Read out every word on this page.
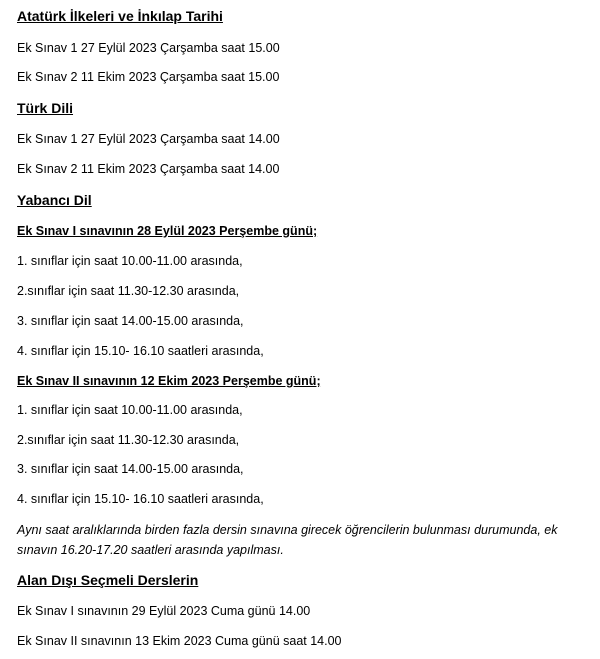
Atatürk İlkeleri ve İnkılap Tarihi
Ek Sınav 1 27 Eylül 2023 Çarşamba saat 15.00
Ek Sınav 2 11 Ekim 2023 Çarşamba saat 15.00
Türk Dili
Ek Sınav 1 27 Eylül 2023 Çarşamba saat 14.00
Ek Sınav 2 11 Ekim 2023 Çarşamba saat 14.00
Yabancı Dil
Ek Sınav I sınavının 28 Eylül 2023 Perşembe günü;
1. sınıflar için saat 10.00-11.00 arasında,
2.sınıflar için saat 11.30-12.30 arasında,
3. sınıflar için saat 14.00-15.00 arasında,
4. sınıflar için 15.10- 16.10 saatleri arasında,
Ek Sınav II sınavının 12 Ekim 2023 Perşembe günü;
1. sınıflar için saat 10.00-11.00 arasında,
2.sınıflar için saat 11.30-12.30 arasında,
3. sınıflar için saat 14.00-15.00 arasında,
4. sınıflar için 15.10- 16.10 saatleri arasında,
Aynı saat aralıklarında birden fazla dersin sınavına girecek öğrencilerin bulunması durumunda, ek sınavın 16.20-17.20 saatleri arasında yapılması.
Alan Dışı Seçmeli Derslerin
Ek Sınav I sınavının 29 Eylül 2023 Cuma günü 14.00
Ek Sınav II sınavının 13 Ekim 2023 Cuma günü saat 14.00
